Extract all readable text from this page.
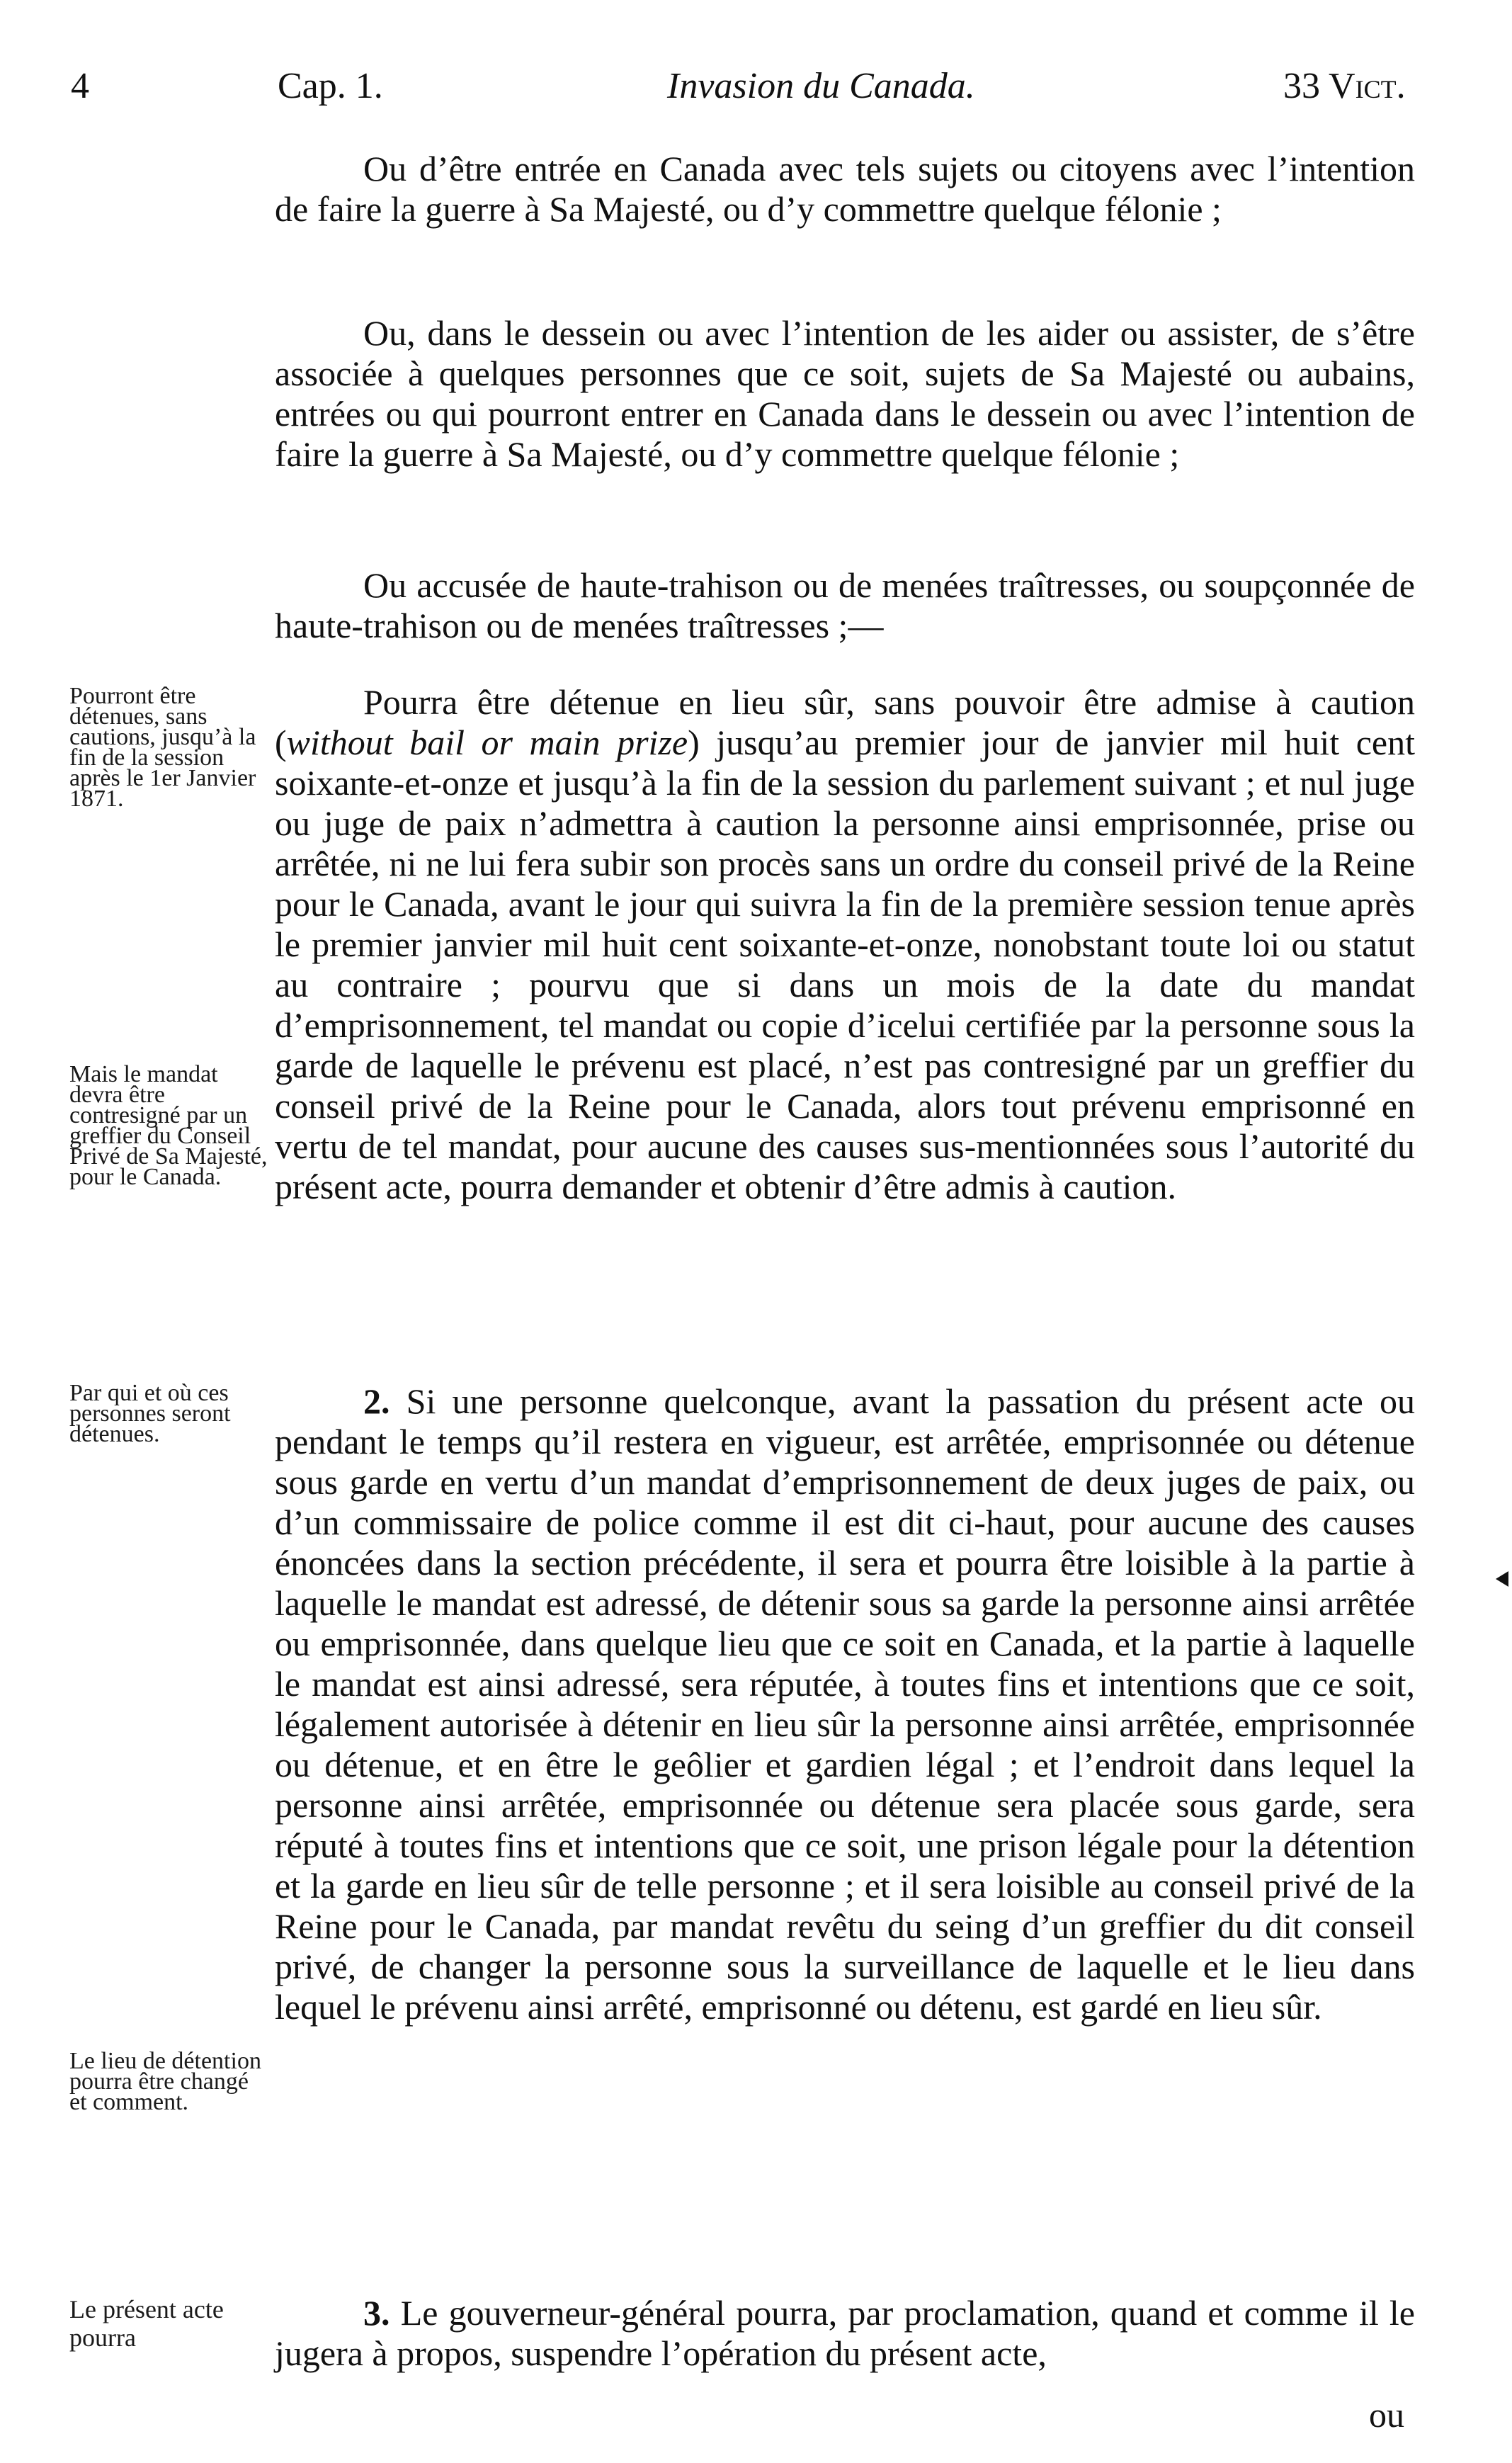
4	Cap. 1.	Invasion du Canada.	33 Vict.

Ou d’être entrée en Canada avec tels sujets ou citoyens avec l’intention de faire la guerre à Sa Majesté, ou d’y commettre quelque félonie ;

Ou, dans le dessein ou avec l’intention de les aider ou assister, de s’être associée à quelques personnes que ce soit, sujets de Sa Majesté ou aubains, entrées ou qui pourront entrer en Canada dans le dessein ou avec l’intention de faire la guerre à Sa Majesté, ou d’y commettre quelque félonie ;

Ou accusée de haute-trahison ou de menées traîtresses, ou soupçonnée de haute-trahison ou de menées traîtresses ;—

Pourra être détenue en lieu sûr, sans pouvoir être admise à caution (without bail or main prize) jusqu’au premier jour de janvier mil huit cent soixante-et-onze et jusqu’à la fin de la session du parlement suivant ; et nul juge ou juge de paix n’admettra à caution la personne ainsi emprisonnée, prise ou arrêtée, ni ne lui fera subir son procès sans un ordre du conseil privé de la Reine pour le Canada, avant le jour qui suivra la fin de la première session tenue après le premier janvier mil huit cent soixante-et-onze, nonobstant toute loi ou statut au contraire ; pourvu que si dans un mois de la date du mandat d’emprisonnement, tel mandat ou copie d’icelui certifiée par la personne sous la garde de laquelle le prévenu est placé, n’est pas contresigné par un greffier du conseil privé de la Reine pour le Canada, alors tout prévenu emprisonné en vertu de tel mandat, pour aucune des causes sus-mentionnées sous l’autorité du présent acte, pourra demander et obtenir d’être admis à caution.

2. Si une personne quelconque, avant la passation du présent acte ou pendant le temps qu’il restera en vigueur, est arrêtée, emprisonnée ou détenue sous garde en vertu d’un mandat d’emprisonnement de deux juges de paix, ou d’un commissaire de police comme il est dit ci-haut, pour aucune des causes énoncées dans la section précédente, il sera et pourra être loisible à la partie à laquelle le mandat est adressé, de détenir sous sa garde la personne ainsi arrêtée ou emprisonnée, dans quelque lieu que ce soit en Canada, et la partie à laquelle le mandat est ainsi adressé, sera réputée, à toutes fins et intentions que ce soit, légalement autorisée à détenir en lieu sûr la personne ainsi arrêtée, emprisonnée ou détenue, et en être le geôlier et gardien légal ; et l’endroit dans lequel la personne ainsi arrêtée, emprisonnée ou détenue sera placée sous garde, sera réputé à toutes fins et intentions que ce soit, une prison légale pour la détention et la garde en lieu sûr de telle personne ; et il sera loisible au conseil privé de la Reine pour le Canada, par mandat revêtu du seing d’un greffier du dit conseil privé, de changer la personne sous la surveillance de laquelle et le lieu dans lequel le prévenu ainsi arrêté, emprisonné ou détenu, est gardé en lieu sûr.

3. Le gouverneur-général pourra, par proclamation, quand et comme il le jugera à propos, suspendre l’opération du présent acte,

Pourront être détenues, sans cautions, jusqu’à la fin de la session après le 1er Janvier 1871.
Mais le mandat devra être contresigné par un greffier du Conseil Privé de Sa Majesté, pour le Canada.
Par qui et où ces personnes seront détenues.
Le lieu de détention pourra être changé et comment.
Le présent acte pourra
ou
